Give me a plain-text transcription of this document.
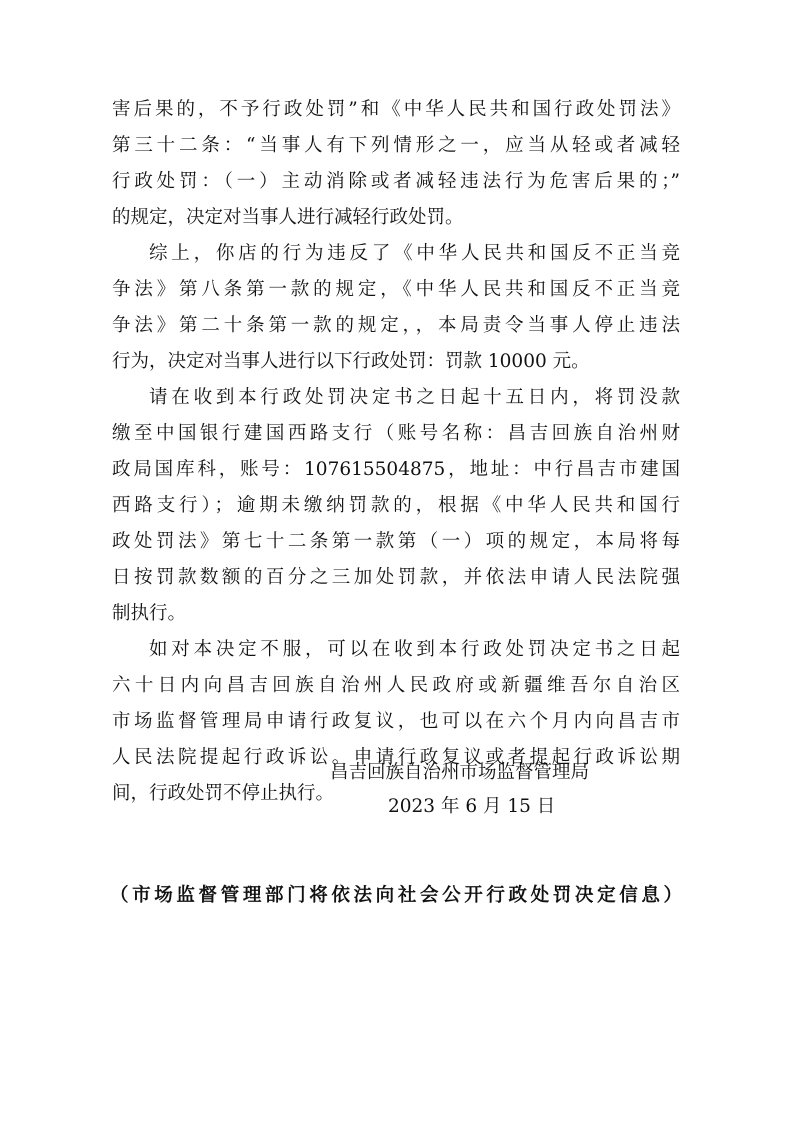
害后果的，不予行政处罚”和《中华人民共和国行政处罚法》
第三十二条：“当事人有下列情形之一，应当从轻或者减轻
行政处罚：（一）主动消除或者减轻违法行为危害后果的；”
的规定，决定对当事人进行减轻行政处罚。
综上，你店的行为违反了《中华人民共和国反不正当竞
争法》第八条第一款的规定，《中华人民共和国反不正当竞
争法》第二十条第一款的规定，，本局责令当事人停止违法
行为，决定对当事人进行以下行政处罚：罚款 10000 元。
请在收到本行政处罚决定书之日起十五日内，将罚没款
缴至中国银行建国西路支行（账号名称：昌吉回族自治州财
政局国库科，账号：107615504875，地址：中行昌吉市建国
西路支行）；逾期未缴纳罚款的，根据《中华人民共和国行
政处罚法》第七十二条第一款第（一）项的规定，本局将每
日按罚款数额的百分之三加处罚款，并依法申请人民法院强
制执行。
如对本决定不服，可以在收到本行政处罚决定书之日起
六十日内向昌吉回族自治州人民政府或新疆维吾尔自治区
市场监督管理局申请行政复议，也可以在六个月内向昌吉市
人民法院提起行政诉讼。申请行政复议或者提起行政诉讼期
间，行政处罚不停止执行。
昌吉回族自治州市场监督管理局
2023 年 6 月 15 日
（市场监督管理部门将依法向社会公开行政处罚决定信息）
